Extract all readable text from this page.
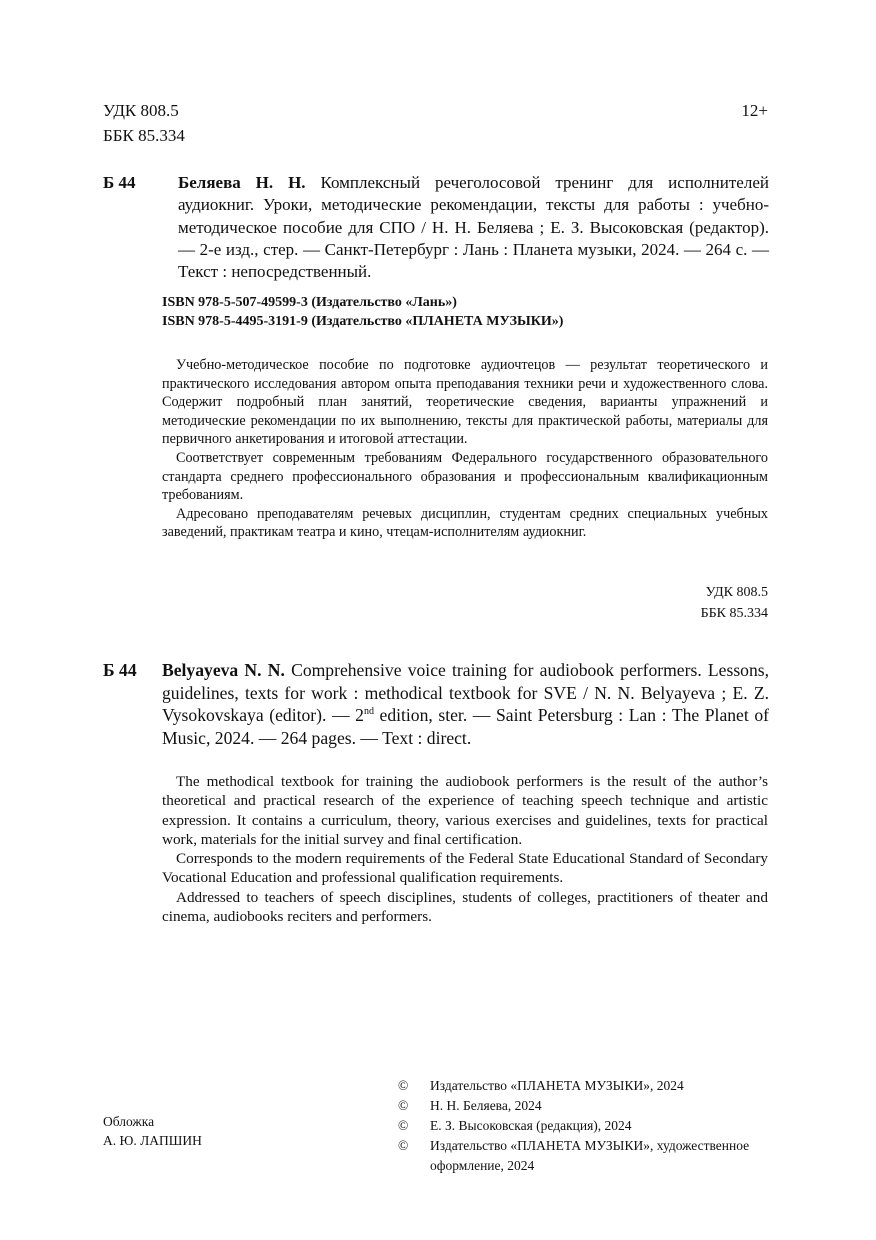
УДК 808.5
ББК 85.334
12+
Б 44	Беляева Н. Н. Комплексный речеголосовой тренинг для исполнителей аудиокниг. Уроки, методические рекомендации, тексты для работы : учебно-методическое пособие для СПО / Н. Н. Беляева ; Е. З. Высоковская (редактор). — 2-е изд., стер. — Санкт-Петербург : Лань : Планета музыки, 2024. — 264 с. — Текст : непосредственный.
ISBN 978-5-507-49599-3 (Издательство «Лань»)
ISBN 978-5-4495-3191-9 (Издательство «ПЛАНЕТА МУЗЫКИ»)

Учебно-методическое пособие по подготовке аудиочтецов — результат теоретического и практического исследования автором опыта преподавания техники речи и художественного слова. Содержит подробный план занятий, теоретические сведения, варианты упражнений и методические рекомендации по их выполнению, тексты для практической работы, материалы для первичного анкетирования и итоговой аттестации.

Соответствует современным требованиям Федерального государственного образовательного стандарта среднего профессионального образования и профессиональным квалификационным требованиям.

Адресовано преподавателям речевых дисциплин, студентам средних специальных учебных заведений, практикам театра и кино, чтецам-исполнителям аудиокниг.

УДК 808.5
ББК 85.334
Б 44 Belyayeva N. N. Comprehensive voice training for audiobook performers. Lessons, guidelines, texts for work : methodical textbook for SVE / N. N. Belyayeva ; E. Z. Vysokovskaya (editor). — 2nd edition, ster. — Saint Petersburg : Lan : The Planet of Music, 2024. — 264 pages. — Text : direct.

The methodical textbook for training the audiobook performers is the result of the author’s theoretical and practical research of the experience of teaching speech technique and artistic expression. It contains a curriculum, theory, various exercises and guidelines, texts for practical work, materials for the initial survey and final certification.

Corresponds to the modern requirements of the Federal State Educational Standard of Secondary Vocational Education and professional qualification requirements.

Addressed to teachers of speech disciplines, students of colleges, practitioners of theater and cinema, audiobooks reciters and performers.

Обложка
А. Ю. ЛАПШИН
©	Издательство «ПЛАНЕТА МУЗЫКИ», 2024
©	Н. Н. Беляева, 2024
©	Е. З. Высоковская (редакция), 2024
©	Издательство «ПЛАНЕТА МУЗЫКИ», художественное оформление, 2024
